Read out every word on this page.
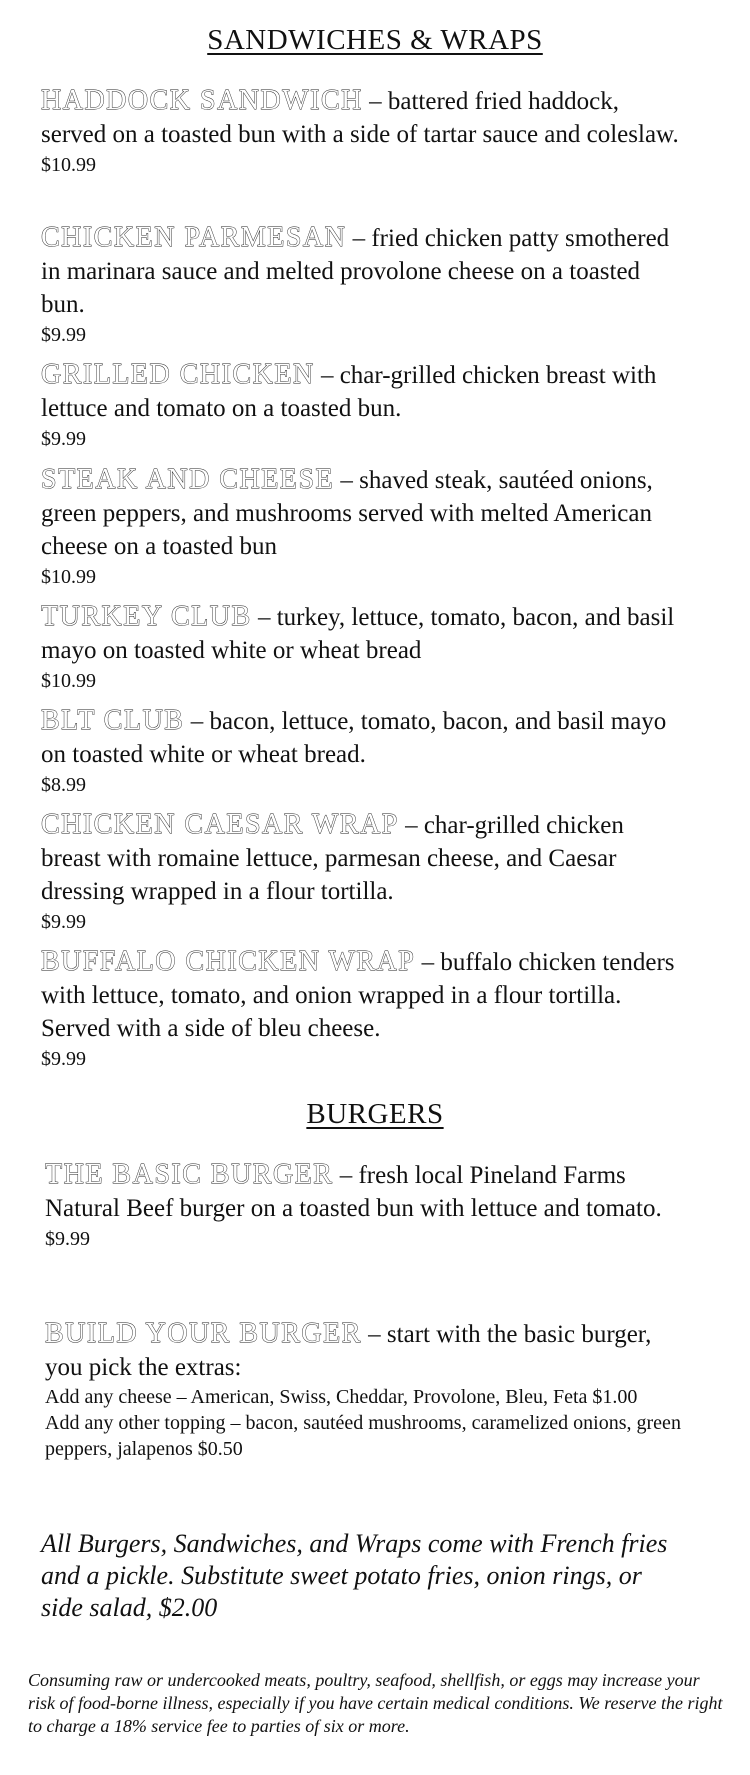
SANDWICHES & WRAPS
HADDOCK SANDWICH – battered fried haddock, served on a toasted bun with a side of tartar sauce and coleslaw.
$10.99
CHICKEN PARMESAN – fried chicken patty smothered in marinara sauce and melted provolone cheese on a toasted bun.
$9.99
GRILLED CHICKEN – char-grilled chicken breast with lettuce and tomato on a toasted bun.
$9.99
STEAK AND CHEESE – shaved steak, sautéed onions, green peppers, and mushrooms served with melted American cheese on a toasted bun
$10.99
TURKEY CLUB – turkey, lettuce, tomato, bacon, and basil mayo on toasted white or wheat bread
$10.99
BLT CLUB – bacon, lettuce, tomato, bacon, and basil mayo on toasted white or wheat bread.
$8.99
CHICKEN CAESAR WRAP – char-grilled chicken breast with romaine lettuce, parmesan cheese, and Caesar dressing wrapped in a flour tortilla.
$9.99
BUFFALO CHICKEN WRAP – buffalo chicken tenders with lettuce, tomato, and onion wrapped in a flour tortilla. Served with a side of bleu cheese.
$9.99
BURGERS
THE BASIC BURGER – fresh local Pineland Farms Natural Beef burger on a toasted bun with lettuce and tomato.
$9.99
BUILD YOUR BURGER – start with the basic burger, you pick the extras:
Add any cheese – American, Swiss, Cheddar, Provolone, Bleu, Feta $1.00
Add any other topping – bacon, sautéed mushrooms, caramelized onions, green peppers, jalapenos $0.50
All Burgers, Sandwiches, and Wraps come with French fries and a pickle. Substitute sweet potato fries, onion rings, or side salad, $2.00
Consuming raw or undercooked meats, poultry, seafood, shellfish, or eggs may increase your risk of food-borne illness, especially if you have certain medical conditions. We reserve the right to charge a 18% service fee to parties of six or more.
